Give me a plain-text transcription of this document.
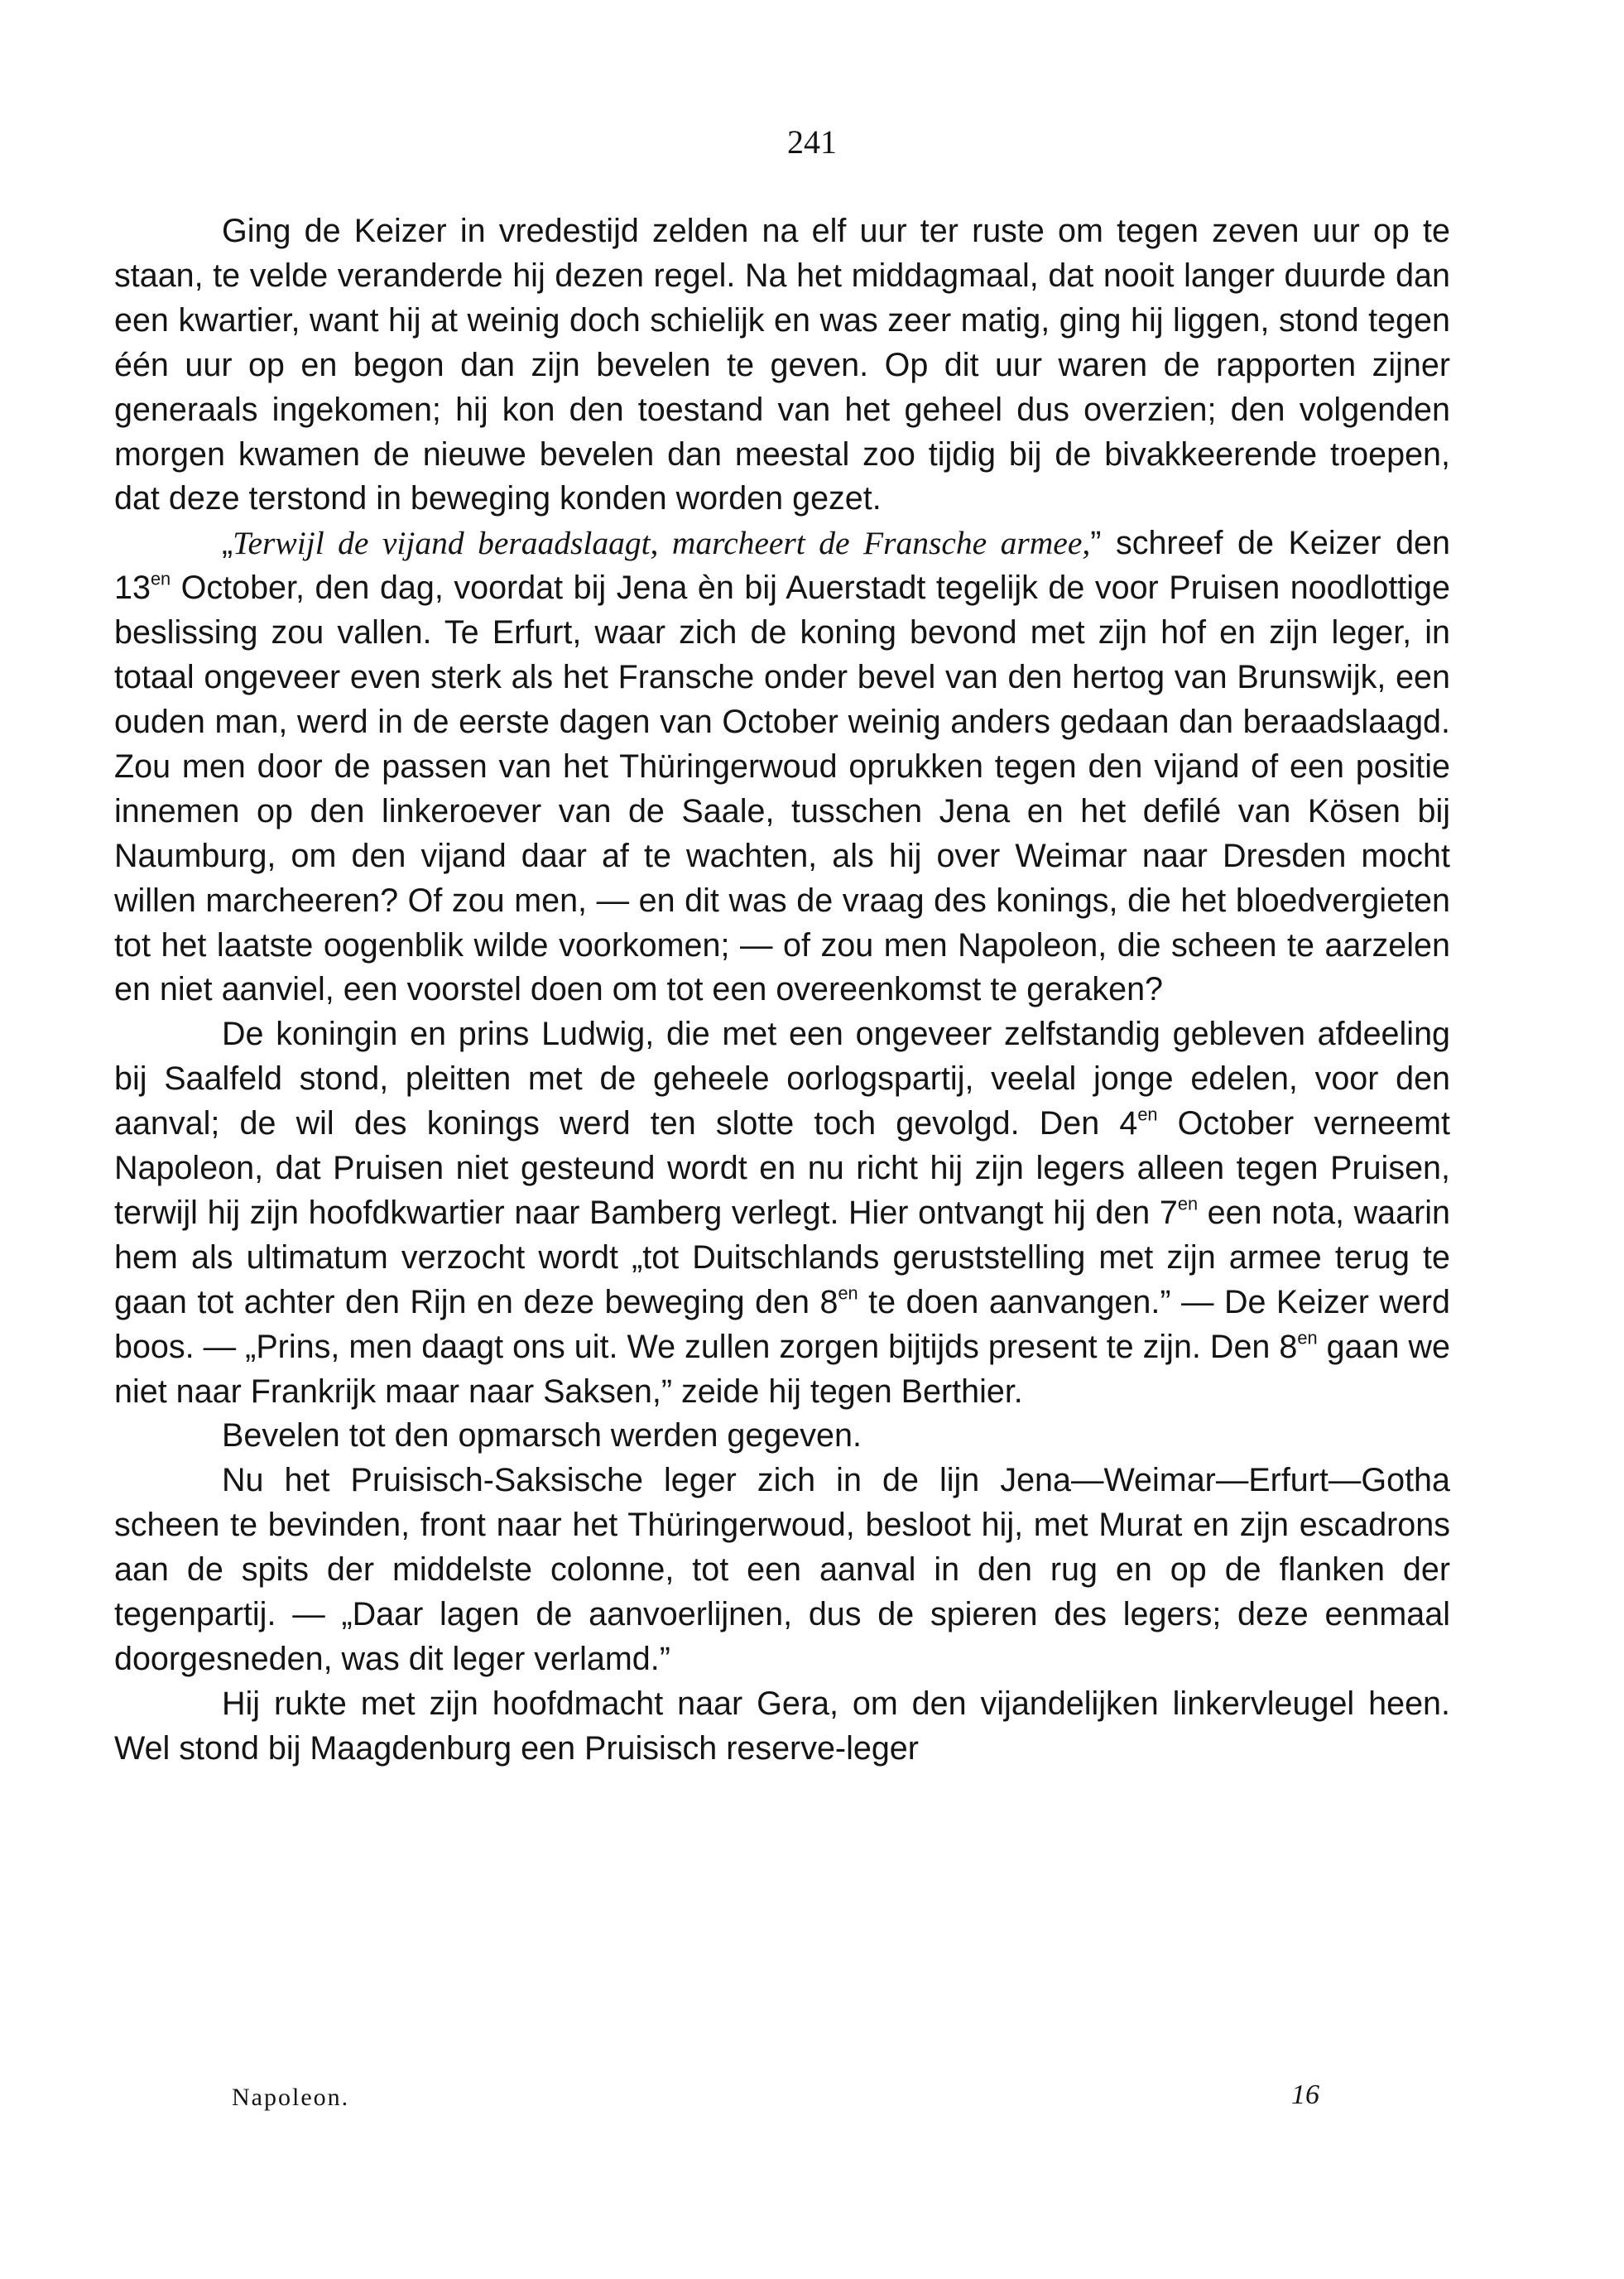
241

Ging de Keizer in vredestijd zelden na elf uur ter ruste om tegen zeven uur op te staan, te velde veranderde hij dezen regel. Na het middagmaal, dat nooit langer duurde dan een kwartier, want hij at weinig doch schielijk en was zeer matig, ging hij liggen, stond tegen één uur op en begon dan zijn bevelen te geven. Op dit uur waren de rapporten zijner generaals ingekomen; hij kon den toestand van het geheel dus overzien; den volgenden morgen kwamen de nieuwe bevelen dan meestal zoo tijdig bij de bivakkeerende troepen, dat deze terstond in beweging konden worden gezet.

„Terwijl de vijand beraadslaagt, marcheert de Fransche armee,” schreef de Keizer den $13^{en}$ October, den dag, voordat bij Jena èn bij Auerstadt tegelijk de voor Pruisen noodlottige beslissing zou vallen. Te Erfurt, waar zich de koning bevond met zijn hof en zijn leger, in totaal ongeveer even sterk als het Fransche onder bevel van den hertog van Brunswijk, een ouden man, werd in de eerste dagen van October weinig anders gedaan dan beraadslaagd. Zou men door de passen van het Thüringerwoud oprukken tegen den vijand of een positie innemen op den linkeroever van de Saale, tusschen Jena en het defilé van Kösen bij Naumburg, om den vijand daar af te wachten, als hij over Weimar naar Dresden mocht willen marcheeren? Of zou men, — en dit was de vraag des konings, die het bloedvergieten tot het laatste oogenblik wilde voorkomen; — of zou men Napoleon, die scheen te aarzelen en niet aanviel, een voorstel doen om tot een overeenkomst te geraken?

De koningin en prins Ludwig, die met een ongeveer zelfstandig gebleven afdeeling bij Saalfeld stond, pleitten met de geheele oorlogspartij, veelal jonge edelen, voor den aanval; de wil des konings werd ten slotte toch gevolgd. Den $4^{en}$ October verneemt Napoleon, dat Pruisen niet gesteund wordt en nu richt hij zijn legers alleen tegen Pruisen, terwijl hij zijn hoofdkwartier naar Bamberg verlegt. Hier ontvangt hij den $7^{en}$ een nota, waarin hem als ultimatum verzocht wordt „tot Duitschlands geruststelling met zijn armee terug te gaan tot achter den Rijn en deze beweging den $8^{en}$ te doen aanvangen.” — De Keizer werd boos. — „Prins, men daagt ons uit. We zullen zorgen bijtijds present te zijn. Den $8^{en}$ gaan we niet naar Frankrijk maar naar Saksen,” zeide hij tegen Berthier.

Bevelen tot den opmarsch werden gegeven.

Nu het Pruisisch-Saksische leger zich in de lijn Jena—Weimar—Erfurt—Gotha scheen te bevinden, front naar het Thüringerwoud, besloot hij, met Murat en zijn escadrons aan de spits der middelste colonne, tot een aanval in den rug en op de flanken der tegenpartij. — „Daar lagen de aanvoerlijnen, dus de spieren des legers; deze eenmaal doorgesneden, was dit leger verlamd.”

Hij rukte met zijn hoofdmacht naar Gera, om den vijandelijken linkervleugel heen. Wel stond bij Maagdenburg een Pruisisch reserve-leger

Napoleon.	16
